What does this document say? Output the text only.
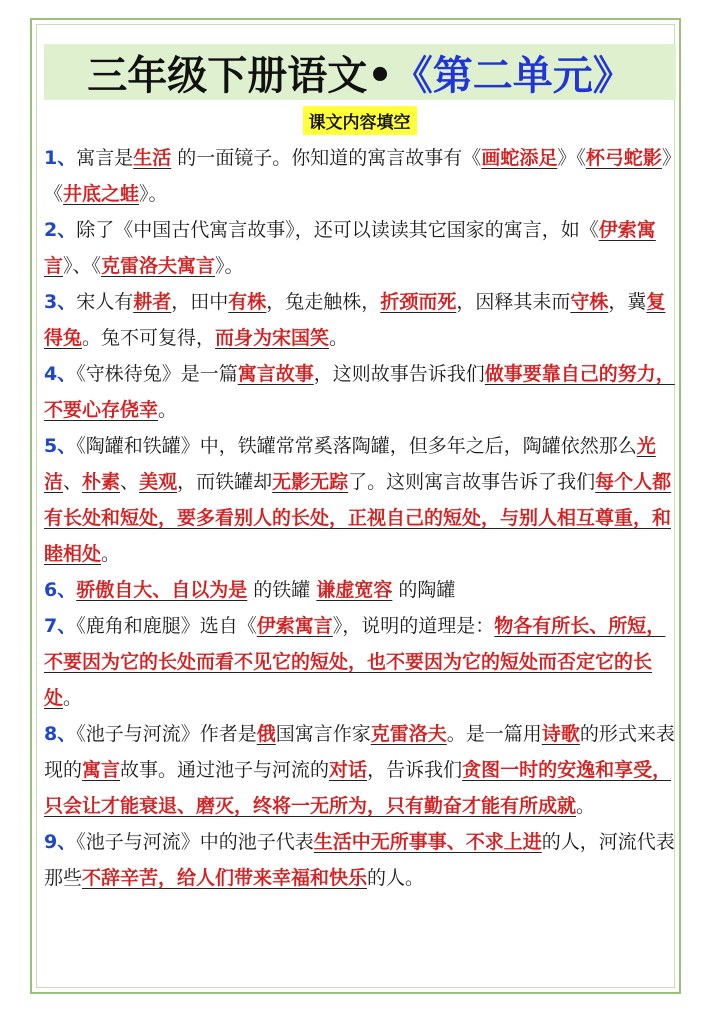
三年级下册语文• 《第二单元》
课文内容填空
1、寓言是生活 的一面镜子。你知道的寓言故事有《画蛇添足》《杯弓蛇影》《井底之蛙》。
2、除了《中国古代寓言故事》，还可以读读其它国家的寓言，如《伊索寓言》、《克雷洛夫寓言》。
3、宋人有耕者，田中有株，兔走触株，折颈而死，因释其耒而守株，冀复得兔。兔不可复得，而身为宋国笑。
4、《守株待兔》是一篇寓言故事，这则故事告诉我们做事要靠自己的努力，不要心存侥幸。
5、《陶罐和铁罐》中，铁罐常常奚落陶罐，但多年之后，陶罐依然那么光洁、朴素、美观，而铁罐却无影无踪了。这则寓言故事告诉了我们每个人都有长处和短处，要多看别人的长处，正视自己的短处，与别人相互尊重，和睦相处。
6、骄傲自大、自以为是 的铁罐 谦虚宽容 的陶罐
7、《鹿角和鹿腿》选自《伊索寓言》，说明的道理是：物各有所长、所短，不要因为它的长处而看不见它的短处，也不要因为它的短处而否定它的长处。
8、《池子与河流》作者是俄国寓言作家克雷洛夫。是一篇用诗歌的形式来表现的寓言故事。通过池子与河流的对话，告诉我们贪图一时的安逸和享受，只会让才能衰退、磨灭，终将一无所为，只有勤奋才能有所成就。
9、《池子与河流》中的池子代表生活中无所事事、不求上进的人，河流代表那些不辞辛苦，给人们带来幸福和快乐的人。
